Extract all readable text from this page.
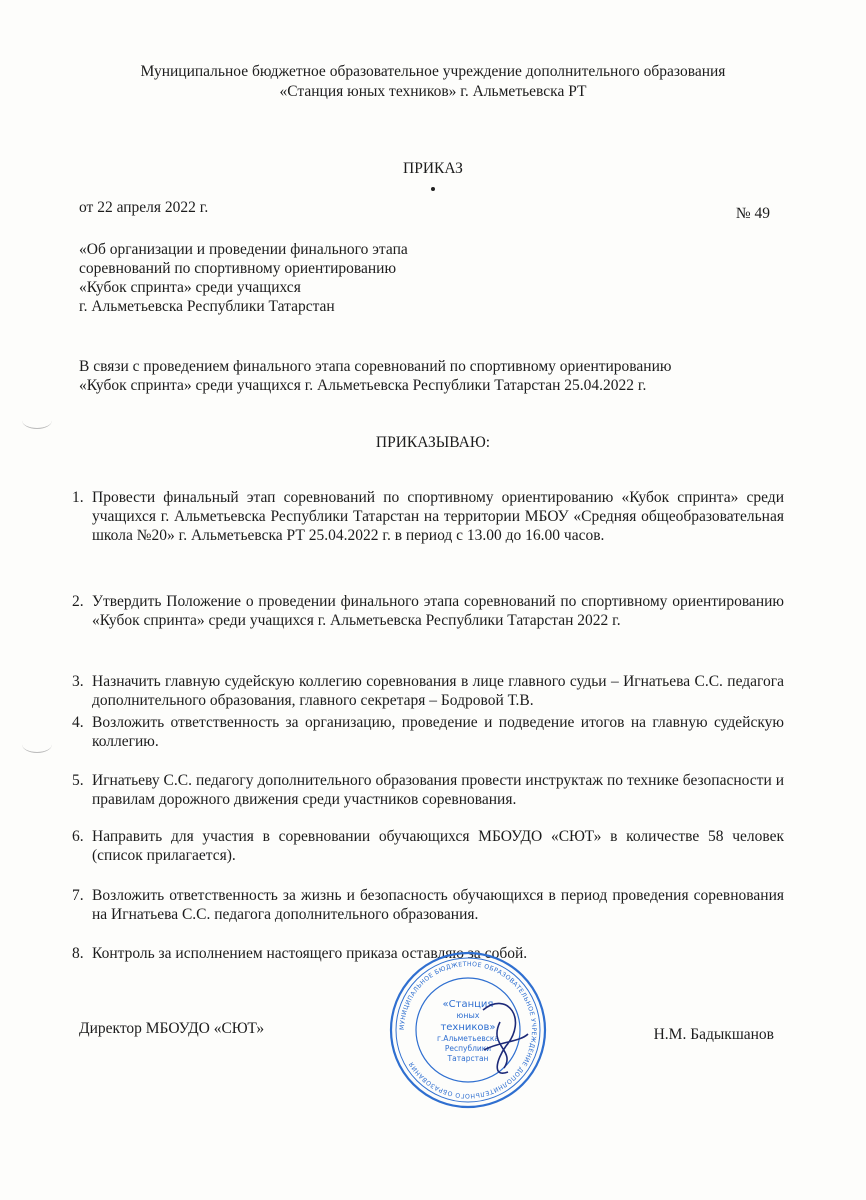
Муниципальное бюджетное образовательное учреждение дополнительного образования
«Станция юных техников» г. Альметьевска РТ
ПРИКАЗ
от 22 апреля 2022 г.	№ 49
«Об организации и проведении финального этапа
соревнований по спортивному ориентированию
«Кубок спринта» среди учащихся
г. Альметьевска Республики Татарстан
В связи с проведением финального этапа соревнований по спортивному ориентированию
«Кубок спринта» среди учащихся г. Альметьевска Республики Татарстан 25.04.2022 г.
ПРИКАЗЫВАЮ:
1. Провести финальный этап соревнований по спортивному ориентированию «Кубок спринта» среди учащихся г. Альметьевска Республики Татарстан на территории МБОУ «Средняя общеобразовательная школа №20» г. Альметьевска РТ 25.04.2022 г. в период с 13.00 до 16.00 часов.
2. Утвердить Положение о проведении финального этапа соревнований по спортивному ориентированию «Кубок спринта» среди учащихся г. Альметьевска Республики Татарстан 2022 г.
3. Назначить главную судейскую коллегию соревнования в лице главного судьи – Игнатьева С.С. педагога дополнительного образования, главного секретаря – Бодровой Т.В.
4. Возложить ответственность за организацию, проведение и подведение итогов на главную судейскую коллегию.
5. Игнатьеву С.С. педагогу дополнительного образования провести инструктаж по технике безопасности и правилам дорожного движения среди участников соревнования.
6. Направить для участия в соревновании обучающихся МБОУДО «СЮТ» в количестве 58 человек (список прилагается).
7. Возложить ответственность за жизнь и безопасность обучающихся в период проведения соревнования на Игнатьева С.С. педагога дополнительного образования.
8. Контроль за исполнением настоящего приказа оставляю за собой.
МУНИЦИПАЛЬНОЕ БЮДЖЕТНОЕ ОБРАЗОВАТЕЛЬНОЕ УЧРЕЖДЕНИЕ ДОПОЛНИТЕЛЬНОГО ОБРАЗОВАНИЯ
«Станция
юных
техников»
г.Альметьевска
Республики
Татарстан
Директор МБОУДО «СЮТ»	Н.М. Бадыкшанов
